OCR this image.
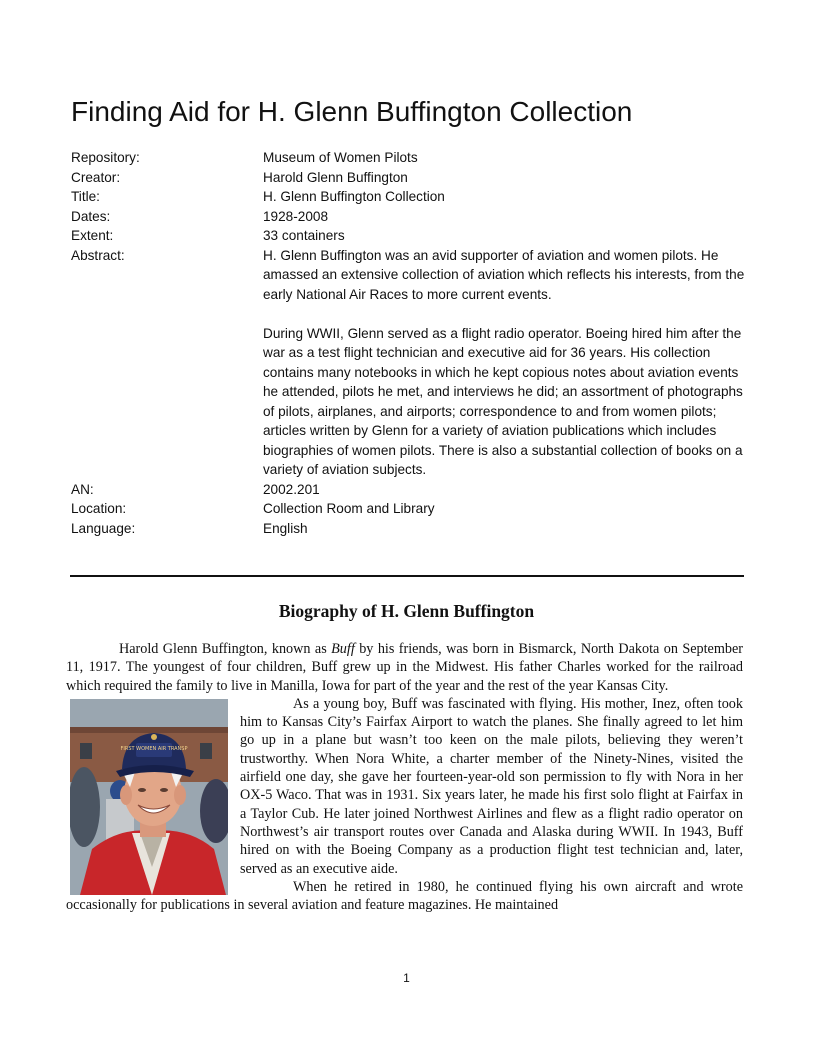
Finding Aid for H. Glenn Buffington Collection
Repository:	Museum of Women Pilots
Creator:	Harold Glenn Buffington
Title:	H. Glenn Buffington Collection
Dates:	1928-2008
Extent:	33 containers
Abstract:	H. Glenn Buffington was an avid supporter of aviation and women pilots. He amassed an extensive collection of aviation which reflects his interests, from the early National Air Races to more current events.

During WWII, Glenn served as a flight radio operator. Boeing hired him after the war as a test flight technician and executive aid for 36 years. His collection contains many notebooks in which he kept copious notes about aviation events he attended, pilots he met, and interviews he did; an assortment of photographs of pilots, airplanes, and airports; correspondence to and from women pilots; articles written by Glenn for a variety of aviation publications which includes biographies of women pilots. There is also a substantial collection of books on a variety of aviation subjects.

AN:	2002.201
Location:	Collection Room and Library
Language:	English
Biography of H. Glenn Buffington

Harold Glenn Buffington, known as Buff by his friends, was born in Bismarck, North Dakota on September 11, 1917. The youngest of four children, Buff grew up in the Midwest. His father Charles worked for the railroad which required the family to live in Manilla, Iowa for part of the year and the rest of the year Kansas City.

FIRST WOMEN AIR TRANSP

As a young boy, Buff was fascinated with flying. His mother, Inez, often took him to Kansas City’s Fairfax Airport to watch the planes. She finally agreed to let him go up in a plane but wasn’t too keen on the male pilots, believing they weren’t trustworthy. When Nora White, a charter member of the Ninety-Nines, visited the airfield one day, she gave her fourteen-year-old son permission to fly with Nora in her OX-5 Waco. That was in 1931. Six years later, he made his first solo flight at Fairfax in a Taylor Cub. He later joined Northwest Airlines and flew as a flight radio operator on Northwest’s air transport routes over Canada and Alaska during WWII. In 1943, Buff hired on with the Boeing Company as a production flight test technician and, later, served as an executive aide.

When he retired in 1980, he continued flying his own aircraft and wrote occasionally for publications in several aviation and feature magazines. He maintained

1
